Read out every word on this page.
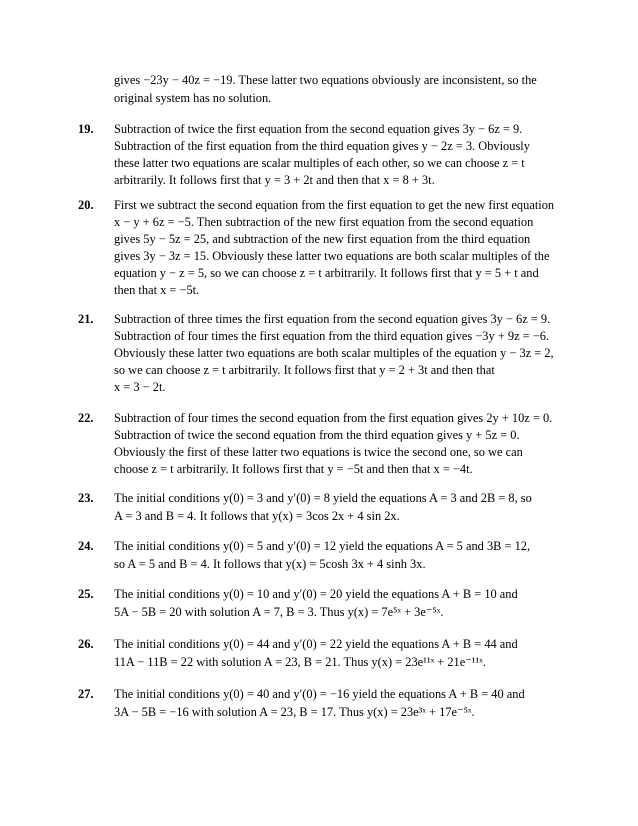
gives −23y − 40z = −19. These latter two equations obviously are inconsistent, so the
original system has no solution.
19. Subtraction of twice the first equation from the second equation gives 3y − 6z = 9.
Subtraction of the first equation from the third equation gives y − 2z = 3. Obviously
these latter two equations are scalar multiples of each other, so we can choose z = t
arbitrarily. It follows first that y = 3 + 2t and then that x = 8 + 3t.
20. First we subtract the second equation from the first equation to get the new first equation
x − y + 6z = −5. Then subtraction of the new first equation from the second equation
gives 5y − 5z = 25, and subtraction of the new first equation from the third equation
gives 3y − 3z = 15. Obviously these latter two equations are both scalar multiples of the
equation y − z = 5, so we can choose z = t arbitrarily. It follows first that y = 5 + t and
then that x = −5t.
21. Subtraction of three times the first equation from the second equation gives 3y − 6z = 9.
Subtraction of four times the first equation from the third equation gives −3y + 9z = −6.
Obviously these latter two equations are both scalar multiples of the equation y − 3z = 2,
so we can choose z = t arbitrarily. It follows first that y = 2 + 3t and then that
x = 3 − 2t.
22. Subtraction of four times the second equation from the first equation gives 2y + 10z = 0.
Subtraction of twice the second equation from the third equation gives y + 5z = 0.
Obviously the first of these latter two equations is twice the second one, so we can
choose z = t arbitrarily. It follows first that y = −5t and then that x = −4t.
23. The initial conditions y(0) = 3 and y′(0) = 8 yield the equations A = 3 and 2B = 8, so
A = 3 and B = 4. It follows that y(x) = 3cos 2x + 4 sin 2x.
24. The initial conditions y(0) = 5 and y′(0) = 12 yield the equations A = 5 and 3B = 12,
so A = 5 and B = 4. It follows that y(x) = 5cosh 3x + 4 sinh 3x.
25. The initial conditions y(0) = 10 and y′(0) = 20 yield the equations A + B = 10 and
5A − 5B = 20 with solution A = 7, B = 3. Thus y(x) = 7e⁵ˣ + 3e⁻⁵ˣ.
26. The initial conditions y(0) = 44 and y′(0) = 22 yield the equations A + B = 44 and
11A − 11B = 22 with solution A = 23, B = 21. Thus y(x) = 23e¹¹ˣ + 21e⁻¹¹ˣ.
27. The initial conditions y(0) = 40 and y′(0) = −16 yield the equations A + B = 40 and
3A − 5B = −16 with solution A = 23, B = 17. Thus y(x) = 23e³ˣ + 17e⁻⁵ˣ.
